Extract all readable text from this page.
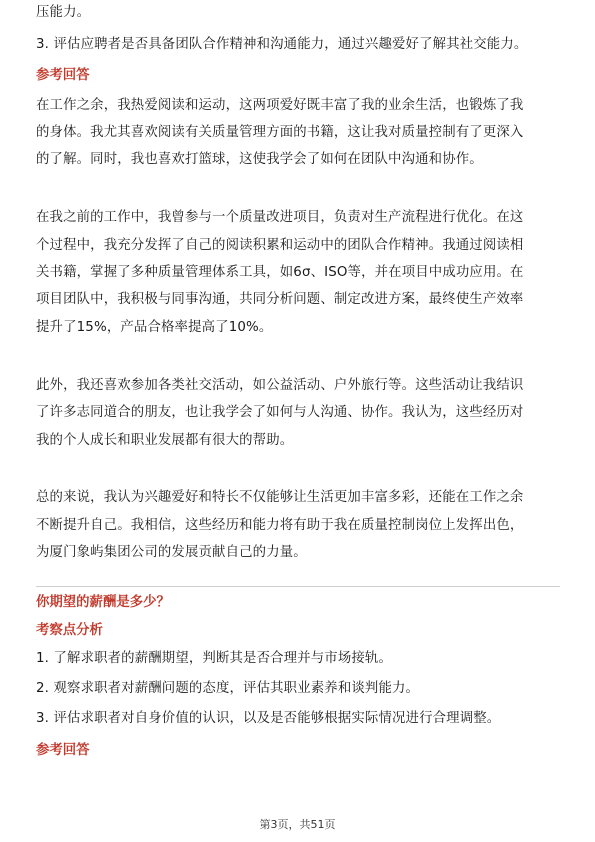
压能力。
3. 评估应聘者是否具备团队合作精神和沟通能力，通过兴趣爱好了解其社交能力。
参考回答
在工作之余，我热爱阅读和运动，这两项爱好既丰富了我的业余生活，也锻炼了我
的身体。我尤其喜欢阅读有关质量管理方面的书籍，这让我对质量控制有了更深入
的了解。同时，我也喜欢打篮球，这使我学会了如何在团队中沟通和协作。
在我之前的工作中，我曾参与一个质量改进项目，负责对生产流程进行优化。在这
个过程中，我充分发挥了自己的阅读积累和运动中的团队合作精神。我通过阅读相
关书籍，掌握了多种质量管理体系工具，如6σ、ISO等，并在项目中成功应用。在
项目团队中，我积极与同事沟通，共同分析问题、制定改进方案，最终使生产效率
提升了15%，产品合格率提高了10%。
此外，我还喜欢参加各类社交活动，如公益活动、户外旅行等。这些活动让我结识
了许多志同道合的朋友，也让我学会了如何与人沟通、协作。我认为，这些经历对
我的个人成长和职业发展都有很大的帮助。
总的来说，我认为兴趣爱好和特长不仅能够让生活更加丰富多彩，还能在工作之余
不断提升自己。我相信，这些经历和能力将有助于我在质量控制岗位上发挥出色，
为厦门象屿集团公司的发展贡献自己的力量。
你期望的薪酬是多少？
考察点分析
1. 了解求职者的薪酬期望，判断其是否合理并与市场接轨。
2. 观察求职者对薪酬问题的态度，评估其职业素养和谈判能力。
3. 评估求职者对自身价值的认识，以及是否能够根据实际情况进行合理调整。
参考回答
第3页，共51页
